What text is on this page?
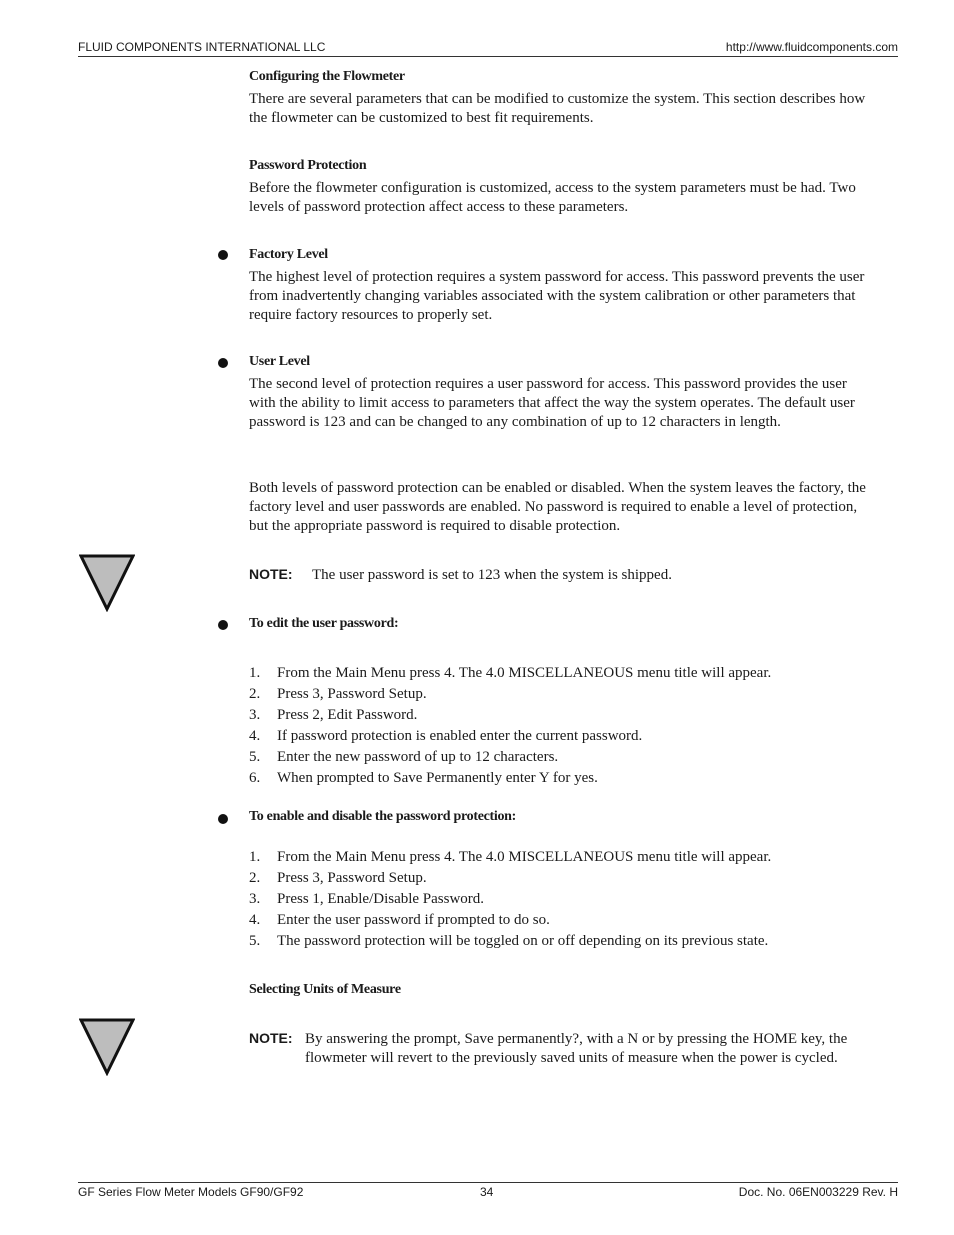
FLUID COMPONENTS INTERNATIONAL LLC	http://www.fluidcomponents.com
Configuring the Flowmeter

There are several parameters that can be modified to customize the system. This section describes how the flowmeter can be customized to best fit requirements.

Password Protection

Before the flowmeter configuration is customized, access to the system parameters must be had. Two levels of password protection affect access to these parameters.

Factory Level

The highest level of protection requires a system password for access. This password prevents the user from inadvertently changing variables associated with the system calibration or other parameters that require factory resources to properly set.

User Level

The second level of protection requires a user password for access. This password provides the user with the ability to limit access to parameters that affect the way the system operates. The default user password is 123 and can be changed to any combination of up to 12 characters in length.

Both levels of password protection can be enabled or disabled. When the system leaves the factory, the factory level and user passwords are enabled. No password is required to enable a level of protection, but the appropriate password is required to disable protection.

NOTE: The user password is set to 123 when the system is shipped.
To edit the user password:
1. From the Main Menu press 4. The 4.0 MISCELLANEOUS menu title will appear.
2. Press 3, Password Setup.
3. Press 2, Edit Password.
4. If password protection is enabled enter the current password.
5. Enter the new password of up to 12 characters.
6. When prompted to Save Permanently enter Y for yes.
To enable and disable the password protection:
1. From the Main Menu press 4. The 4.0 MISCELLANEOUS menu title will appear.
2. Press 3, Password Setup.
3. Press 1, Enable/Disable Password.
4. Enter the user password if prompted to do so.
5. The password protection will be toggled on or off depending on its previous state.
Selecting Units of Measure
NOTE: By answering the prompt, Save permanently?, with a N or by pressing the HOME key, the flowmeter will revert to the previously saved units of measure when the power is cycled.
GF Series Flow Meter Models GF90/GF92	34	Doc. No. 06EN003229 Rev. H
